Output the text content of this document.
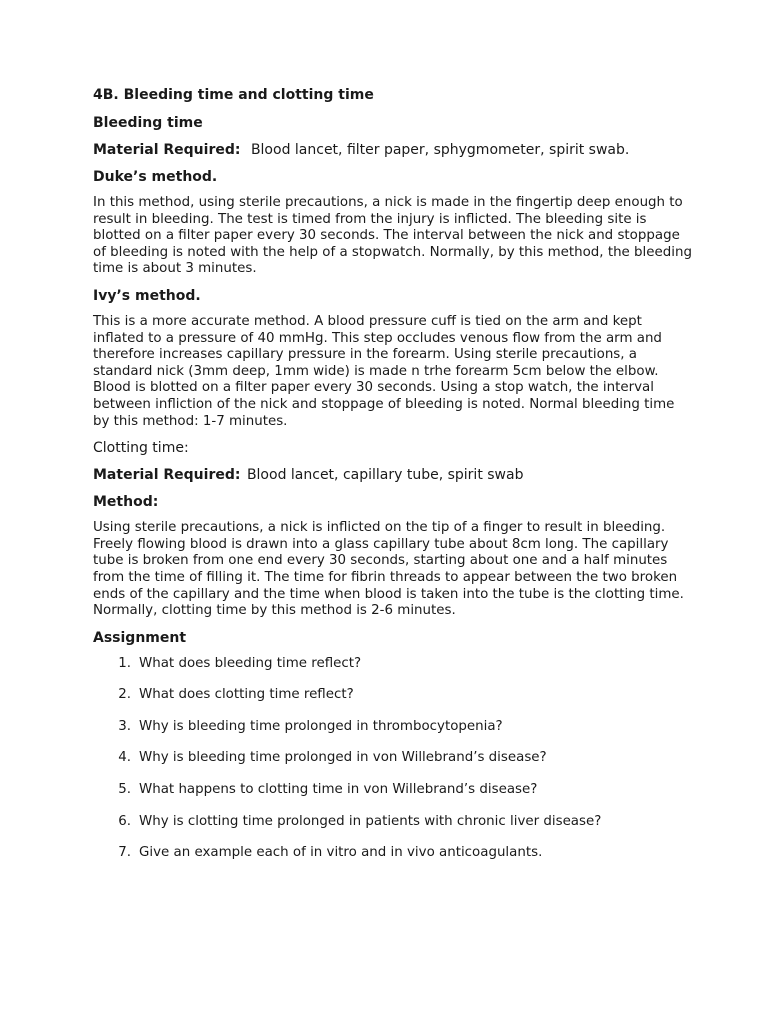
4B. Bleeding time and clotting time
Bleeding time
Material Required: Blood lancet, filter paper, sphygmometer, spirit swab.
Duke’s method.
In this method, using sterile precautions, a nick is made in the fingertip deep enough to result in bleeding. The test is timed from the injury is inflicted. The bleeding site is blotted on a filter paper every 30 seconds. The interval between the nick and stoppage of bleeding is noted with the help of a stopwatch. Normally, by this method, the bleeding time is about 3 minutes.
Ivy’s method.
This is a more accurate method. A blood pressure cuff is tied on the arm and kept inflated to a pressure of 40 mmHg. This step occludes venous flow from the arm and therefore increases capillary pressure in the forearm. Using sterile precautions, a standard nick (3mm deep, 1mm wide) is made n trhe forearm 5cm below the elbow. Blood is blotted on a filter paper every 30 seconds. Using a stop watch, the interval between infliction of the nick and stoppage of bleeding is noted. Normal bleeding time by this method: 1-7 minutes.
Clotting time:
Material Required: Blood lancet, capillary tube, spirit swab
Method:
Using sterile precautions, a nick is inflicted on the tip of a finger to result in bleeding. Freely flowing blood is drawn into a glass capillary tube about 8cm long. The capillary tube is broken from one end every 30 seconds, starting about one and a half minutes from the time of filling it. The time for fibrin threads to appear between the two broken ends of the capillary and the time when blood is taken into the tube is the clotting time. Normally, clotting time by this method is 2-6 minutes.
Assignment
1. What does bleeding time reflect?
2. What does clotting time reflect?
3. Why is bleeding time prolonged in thrombocytopenia?
4. Why is bleeding time prolonged in von Willebrand’s disease?
5. What happens to clotting time in von Willebrand’s disease?
6. Why is clotting time prolonged in patients with chronic liver disease?
7. Give an example each of in vitro and in vivo anticoagulants.
